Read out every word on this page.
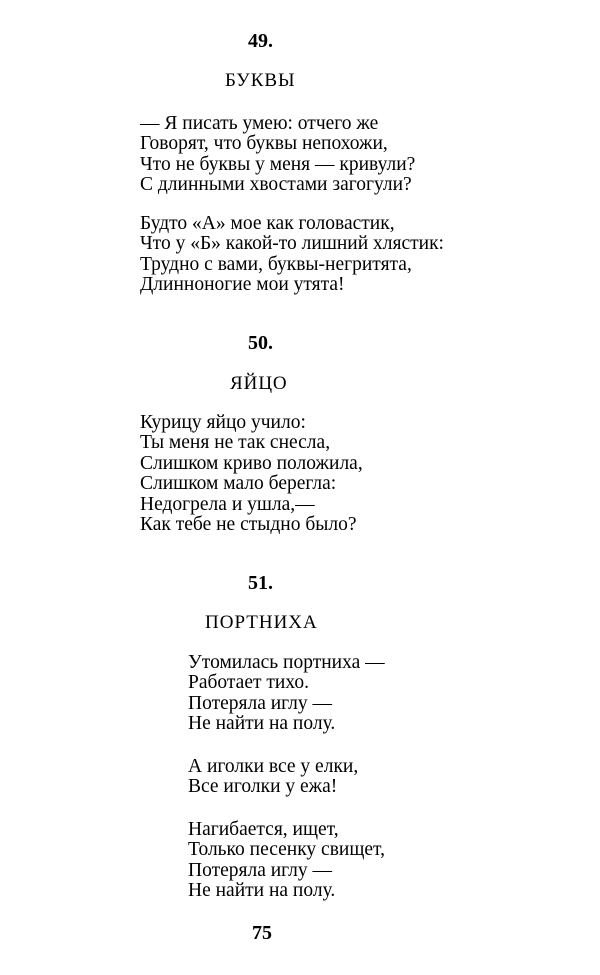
49.
БУКВЫ
— Я писать умею: отчего же
Говорят, что буквы непохожи,
Что не буквы у меня — кривули?
С длинными хвостами загогули?
Будто «А» мое как головастик,
Что у «Б» какой-то лишний хлястик:
Трудно с вами, буквы-негритята,
Длинноногие мои утята!
50.
ЯЙЦО
Курицу яйцо учило:
Ты меня не так снесла,
Слишком криво положила,
Слишком мало берегла:
Недогрела и ушла,—
Как тебе не стыдно было?
51.
ПОРТНИХА
Утомилась портниха —
Работает тихо.
Потеряла иглу —
Не найти на полу.
А иголки все у елки,
Все иголки у ежа!
Нагибается, ищет,
Только песенку свищет,
Потеряла иглу —
Не найти на полу.
75
